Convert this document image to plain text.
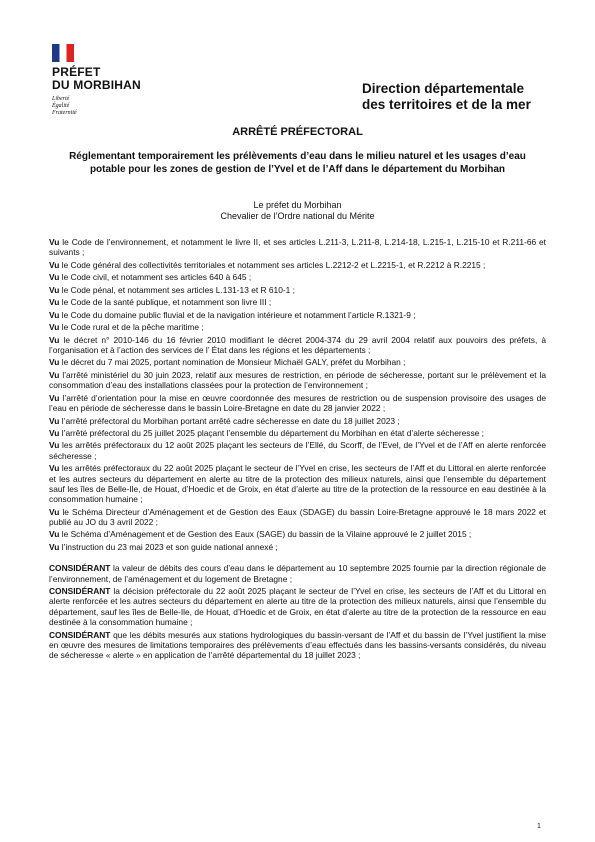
PRÉFET
DU MORBIHAN
Liberté
Égalité
Fraternité
Direction départementale
des territoires et de la mer
ARRÊTÉ PRÉFECTORAL
Réglementant temporairement les prélèvements d’eau dans le milieu naturel et les usages d’eau potable pour les zones de gestion de l’Yvel et de l’Aff dans le département du Morbihan
Le préfet du Morbihan
Chevalier de l’Ordre national du Mérite

Vu le Code de l’environnement, et notamment le livre II, et ses articles L.211-3, L.211-8, L.214-18, L.215-1, L.215-10 et R.211-66 et suivants ;

Vu le Code général des collectivités territoriales et notamment ses articles L.2212-2 et L.2215-1, et R.2212 à R.2215 ;

Vu le Code civil, et notamment ses articles 640 à 645 ;

Vu le Code pénal, et notamment ses articles L.131-13 et R 610-1 ;

Vu le Code de la santé publique, et notamment son livre III ;

Vu le Code du domaine public fluvial et de la navigation intérieure et notamment l’article R.1321-9 ;

Vu le Code rural et de la pêche maritime ;

Vu le décret n° 2010-146 du 16 février 2010 modifiant le décret 2004-374 du 29 avril 2004 relatif aux pouvoirs des préfets, à l’organisation et à l’action des services de l’ État dans les régions et les départements ;

Vu le décret du 7 mai 2025, portant nomination de Monsieur Michaël GALY, préfet du Morbihan ;

Vu l’arrêté ministériel du 30 juin 2023, relatif aux mesures de restriction, en période de sécheresse, portant sur le prélèvement et la consommation d’eau des installations classées pour la protection de l’environnement ;

Vu l’arrêté d’orientation pour la mise en œuvre coordonnée des mesures de restriction ou de suspension provisoire des usages de l’eau en période de sécheresse dans le bassin Loire-Bretagne en date du 28 janvier 2022 ;

Vu l’arrêté préfectoral du Morbihan portant arrêté cadre sécheresse en date du 18 juillet 2023 ;

Vu l’arrêté préfectoral du 25 juillet 2025 plaçant l’ensemble du département du Morbihan en état d’alerte sécheresse ;

Vu les arrêtés préfectoraux du 12 août 2025 plaçant les secteurs de l’Ellé, du Scorff, de l’Evel, de l’Yvel et de l’Aff en alerte renforcée sécheresse ;

Vu les arrêtés préfectoraux du 22 août 2025 plaçant le secteur de l’Yvel en crise, les secteurs de l’Aff et du Littoral en alerte renforcée et les autres secteurs du département en alerte au titre de la protection des milieux naturels, ainsi que l’ensemble du département sauf les îles de Belle-Ile, de Houat, d’Hoedic et de Groix, en état d’alerte au titre de la protection de la ressource en eau destinée à la consommation humaine ;

Vu le Schéma Directeur d’Aménagement et de Gestion des Eaux (SDAGE) du bassin Loire-Bretagne approuvé le 18 mars 2022 et publié au JO du 3 avril 2022 ;

Vu le Schéma d’Aménagement et de Gestion des Eaux (SAGE) du bassin de la Vilaine approuvé le 2 juillet 2015 ;

Vu l’instruction du 23 mai 2023 et son guide national annexé ;

CONSIDÉRANT la valeur de débits des cours d’eau dans le département au 10 septembre 2025 fournie par la direction régionale de l’environnement, de l’aménagement et du logement de Bretagne ;

CONSIDÉRANT la décision préfectorale du 22 août 2025 plaçant le secteur de l’Yvel en crise, les secteurs de l’Aff et du Littoral en alerte renforcée et les autres secteurs du département en alerte au titre de la protection des milieux naturels, ainsi que l’ensemble du département, sauf les îles de Belle-Ile, de Houat, d’Hoedic et de Groix, en état d’alerte au titre de la protection de la ressource en eau destinée à la consommation humaine ;

CONSIDÉRANT que les débits mesurés aux stations hydrologiques du bassin-versant de l’Aff et du bassin de l’Yvel justifient la mise en œuvre des mesures de limitations temporaires des prélèvements d’eau effectués dans les bassins-versants considérés, du niveau de sécheresse « alerte » en application de l’arrêté départemental du 18 juillet 2023 ;

1
